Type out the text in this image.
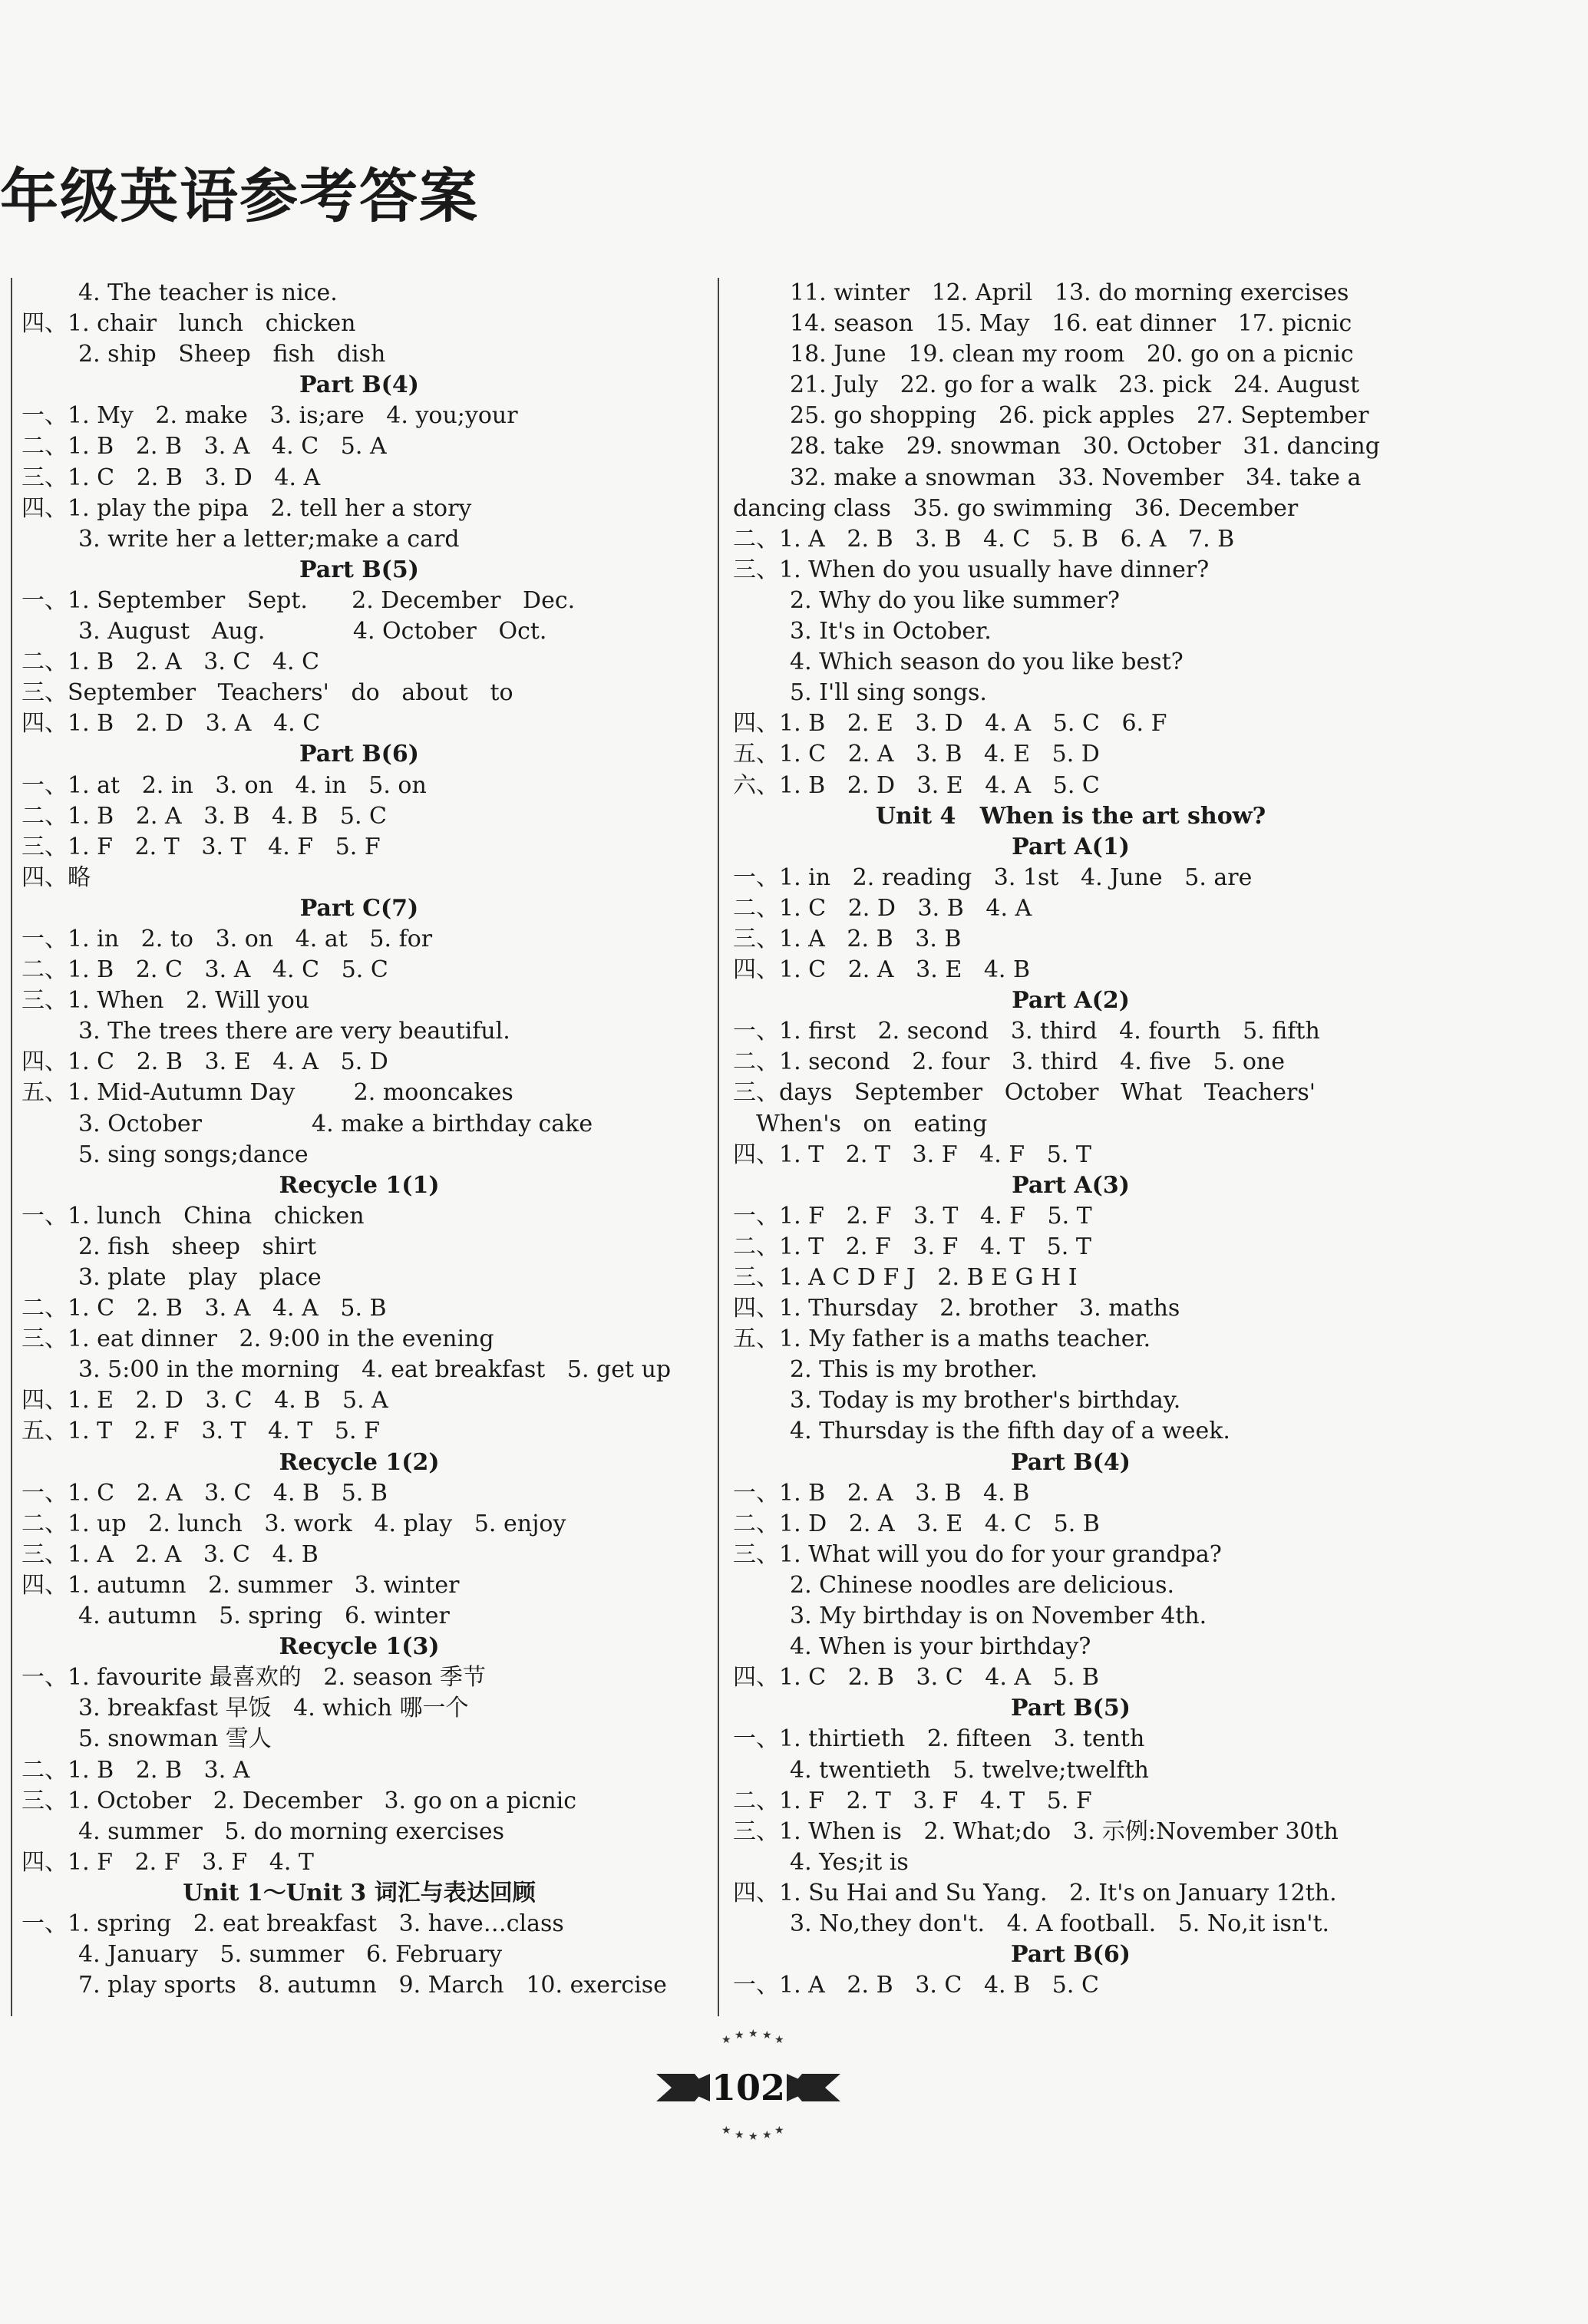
年级英语参考答案
4. The teacher is nice.
四、1. chair   lunch   chicken
2. ship   Sheep   fish   dish
Part B(4)
一、1. My   2. make   3. is;are   4. you;your
二、1. B   2. B   3. A   4. C   5. A
三、1. C   2. B   3. D   4. A
四、1. play the pipa   2. tell her a story
3. write her a letter;make a card
Part B(5)
一、1. September   Sept.      2. December   Dec.
3. August   Aug.            4. October   Oct.
二、1. B   2. A   3. C   4. C
三、September   Teachers'   do   about   to
四、1. B   2. D   3. A   4. C
Part B(6)
一、1. at   2. in   3. on   4. in   5. on
二、1. B   2. A   3. B   4. B   5. C
三、1. F   2. T   3. T   4. F   5. F
四、略
Part C(7)
一、1. in   2. to   3. on   4. at   5. for
二、1. B   2. C   3. A   4. C   5. C
三、1. When   2. Will you
3. The trees there are very beautiful.
四、1. C   2. B   3. E   4. A   5. D
五、1. Mid-Autumn Day        2. mooncakes
3. October               4. make a birthday cake
5. sing songs;dance
Recycle 1(1)
一、1. lunch   China   chicken
2. fish   sheep   shirt
3. plate   play   place
二、1. C   2. B   3. A   4. A   5. B
三、1. eat dinner   2. 9:00 in the evening
3. 5:00 in the morning   4. eat breakfast   5. get up
四、1. E   2. D   3. C   4. B   5. A
五、1. T   2. F   3. T   4. T   5. F
Recycle 1(2)
一、1. C   2. A   3. C   4. B   5. B
二、1. up   2. lunch   3. work   4. play   5. enjoy
三、1. A   2. A   3. C   4. B
四、1. autumn   2. summer   3. winter
4. autumn   5. spring   6. winter
Recycle 1(3)
一、1. favourite 最喜欢的   2. season 季节
3. breakfast 早饭   4. which 哪一个
5. snowman 雪人
二、1. B   2. B   3. A
三、1. October   2. December   3. go on a picnic
4. summer   5. do morning exercises
四、1. F   2. F   3. F   4. T
Unit 1～Unit 3 词汇与表达回顾
一、1. spring   2. eat breakfast   3. have…class
4. January   5. summer   6. February
7. play sports   8. autumn   9. March   10. exercise
11. winter   12. April   13. do morning exercises
14. season   15. May   16. eat dinner   17. picnic
18. June   19. clean my room   20. go on a picnic
21. July   22. go for a walk   23. pick   24. August
25. go shopping   26. pick apples   27. September
28. take   29. snowman   30. October   31. dancing
32. make a snowman   33. November   34. take a
dancing class   35. go swimming   36. December
二、1. A   2. B   3. B   4. C   5. B   6. A   7. B
三、1. When do you usually have dinner?
2. Why do you like summer?
3. It's in October.
4. Which season do you like best?
5. I'll sing songs.
四、1. B   2. E   3. D   4. A   5. C   6. F
五、1. C   2. A   3. B   4. E   5. D
六、1. B   2. D   3. E   4. A   5. C
Unit 4   When is the art show?
Part A(1)
一、1. in   2. reading   3. 1st   4. June   5. are
二、1. C   2. D   3. B   4. A
三、1. A   2. B   3. B
四、1. C   2. A   3. E   4. B
Part A(2)
一、1. first   2. second   3. third   4. fourth   5. fifth
二、1. second   2. four   3. third   4. five   5. one
三、days   September   October   What   Teachers'
When's   on   eating
四、1. T   2. T   3. F   4. F   5. T
Part A(3)
一、1. F   2. F   3. T   4. F   5. T
二、1. T   2. F   3. F   4. T   5. T
三、1. A C D F J   2. B E G H I
四、1. Thursday   2. brother   3. maths
五、1. My father is a maths teacher.
2. This is my brother.
3. Today is my brother's birthday.
4. Thursday is the fifth day of a week.
Part B(4)
一、1. B   2. A   3. B   4. B
二、1. D   2. A   3. E   4. C   5. B
三、1. What will you do for your grandpa?
2. Chinese noodles are delicious.
3. My birthday is on November 4th.
4. When is your birthday?
四、1. C   2. B   3. C   4. A   5. B
Part B(5)
一、1. thirtieth   2. fifteen   3. tenth
4. twentieth   5. twelve;twelfth
二、1. F   2. T   3. F   4. T   5. F
三、1. When is   2. What;do   3. 示例:November 30th
4. Yes;it is
四、1. Su Hai and Su Yang.   2. It's on January 12th.
3. No,they don't.   4. A football.   5. No,it isn't.
Part B(6)
一、1. A   2. B   3. C   4. B   5. C
★ ★ ★ ★ ★
★ ★ ★ ★ ★
102
